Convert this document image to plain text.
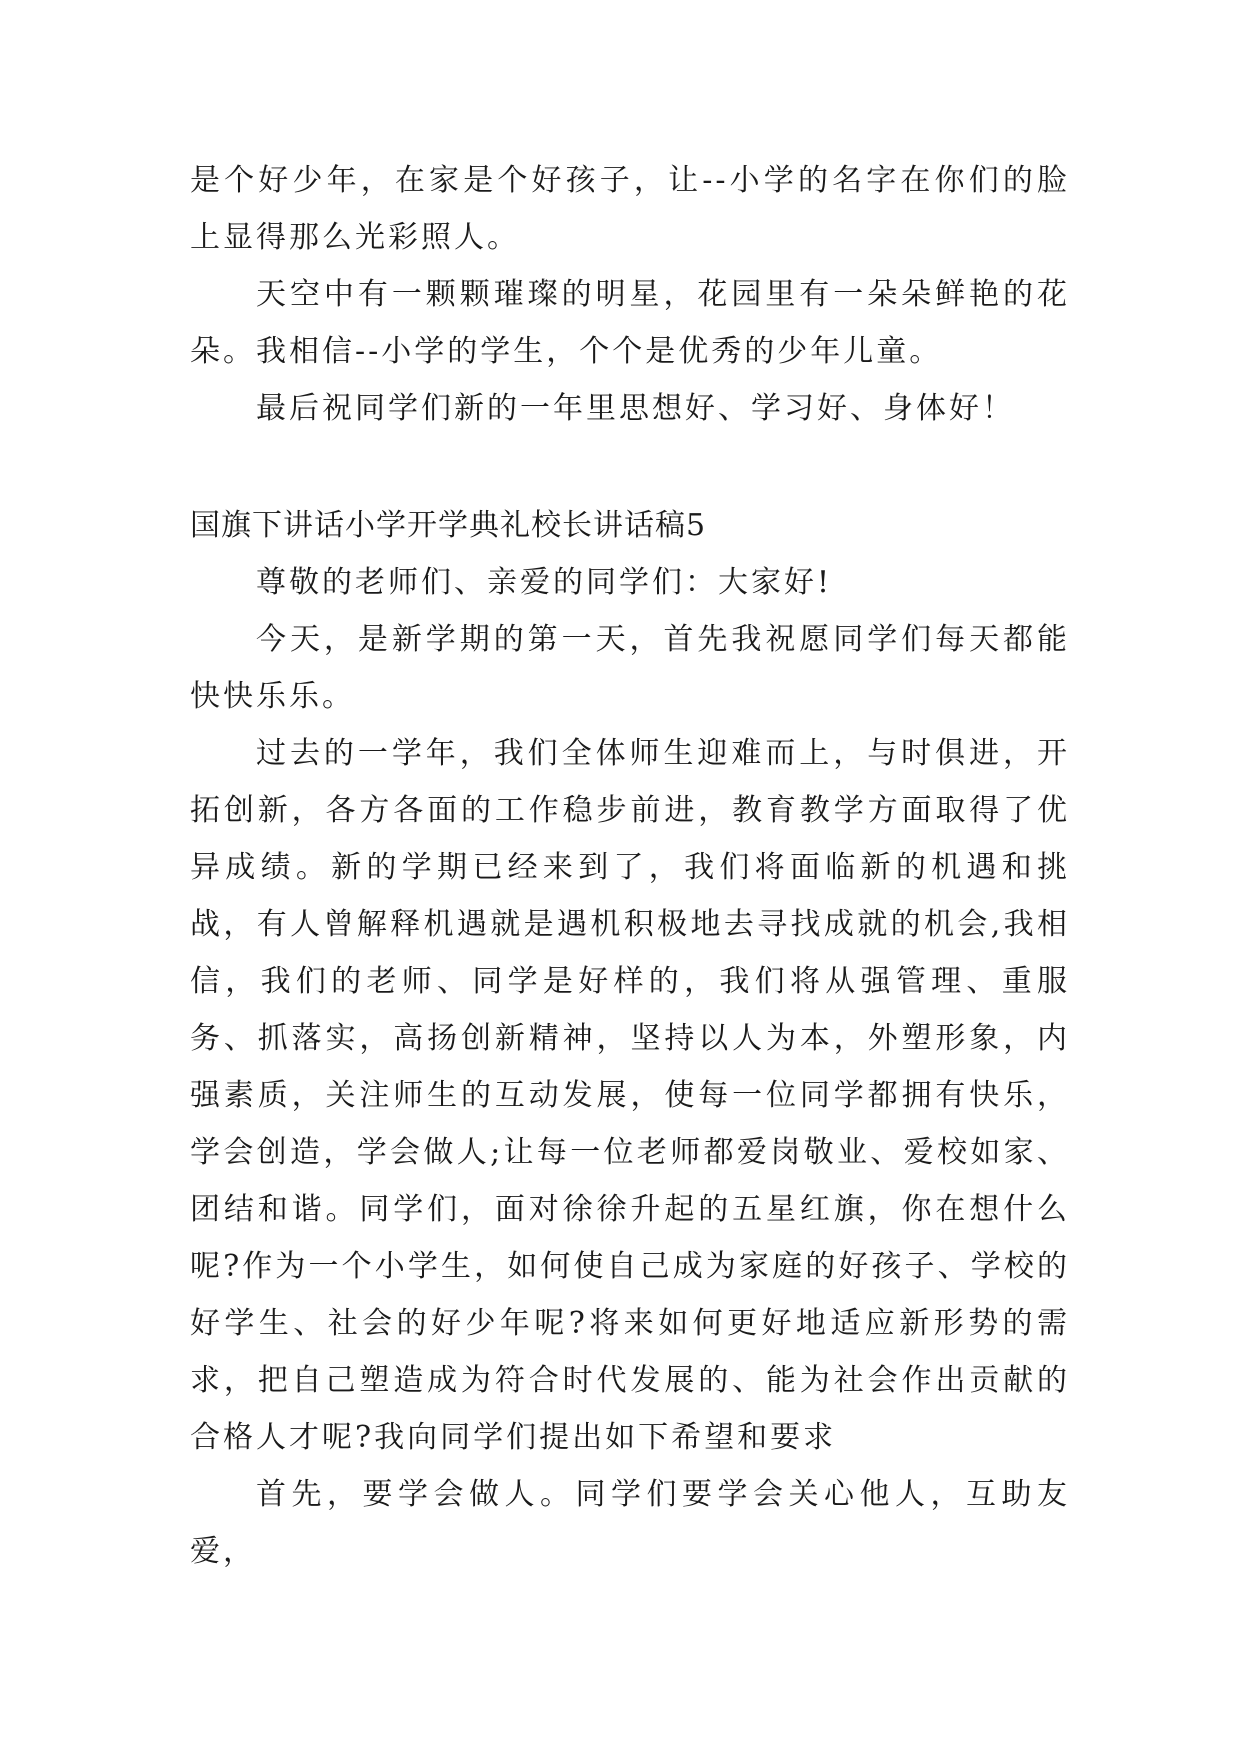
是个好少年，在家是个好孩子，让--小学的名字在你们的脸上显得那么光彩照人。

天空中有一颗颗璀璨的明星，花园里有一朵朵鲜艳的花朵。我相信--小学的学生，个个是优秀的少年儿童。

最后祝同学们新的一年里思想好、学习好、身体好！

国旗下讲话小学开学典礼校长讲话稿5

尊敬的老师们、亲爱的同学们：大家好!

今天，是新学期的第一天，首先我祝愿同学们每天都能快快乐乐。

过去的一学年，我们全体师生迎难而上，与时俱进，开拓创新，各方各面的工作稳步前进，教育教学方面取得了优异成绩。新的学期已经来到了，我们将面临新的机遇和挑战，有人曾解释机遇就是遇机积极地去寻找成就的机会,我相信，我们的老师、同学是好样的，我们将从强管理、重服务、抓落实，高扬创新精神，坚持以人为本，外塑形象，内强素质，关注师生的互动发展，使每一位同学都拥有快乐，学会创造，学会做人;让每一位老师都爱岗敬业、爱校如家、团结和谐。同学们，面对徐徐升起的五星红旗，你在想什么呢?作为一个小学生，如何使自己成为家庭的好孩子、学校的好学生、社会的好少年呢?将来如何更好地适应新形势的需求，把自己塑造成为符合时代发展的、能为社会作出贡献的合格人才呢?我向同学们提出如下希望和要求

首先，要学会做人。同学们要学会关心他人，互助友爱，
